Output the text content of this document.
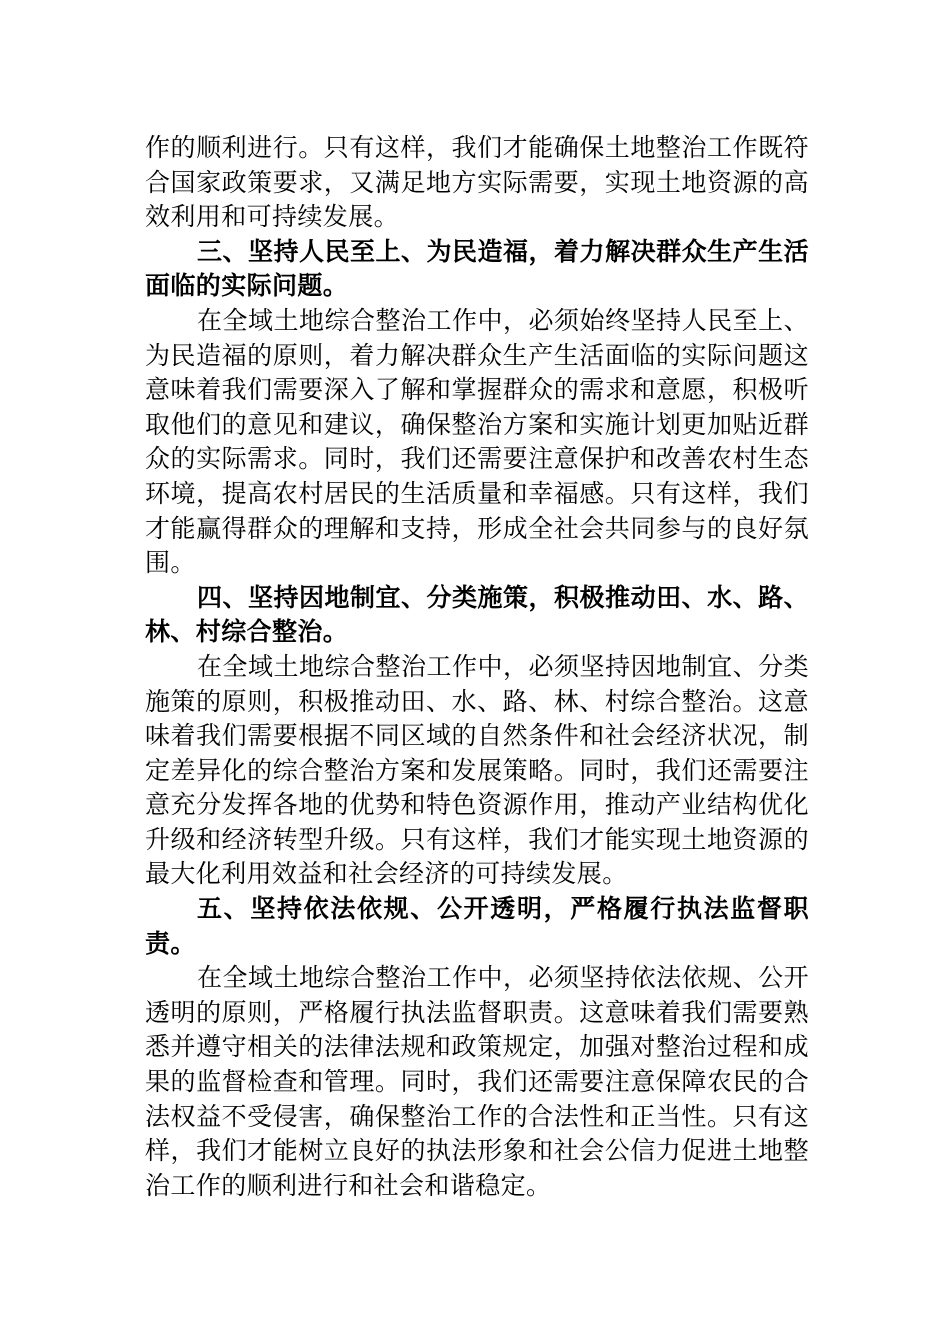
作的顺利进行。只有这样，我们才能确保土地整治工作既符合国家政策要求，又满足地方实际需要，实现土地资源的高效利用和可持续发展。

三、坚持人民至上、为民造福，着力解决群众生产生活面临的实际问题。

在全域土地综合整治工作中，必须始终坚持人民至上、为民造福的原则，着力解决群众生产生活面临的实际问题这意味着我们需要深入了解和掌握群众的需求和意愿，积极听取他们的意见和建议，确保整治方案和实施计划更加贴近群众的实际需求。同时，我们还需要注意保护和改善农村生态环境，提高农村居民的生活质量和幸福感。只有这样，我们才能赢得群众的理解和支持，形成全社会共同参与的良好氛围。

四、坚持因地制宜、分类施策，积极推动田、水、路、林、村综合整治。

在全域土地综合整治工作中，必须坚持因地制宜、分类施策的原则，积极推动田、水、路、林、村综合整治。这意味着我们需要根据不同区域的自然条件和社会经济状况，制定差异化的综合整治方案和发展策略。同时，我们还需要注意充分发挥各地的优势和特色资源作用，推动产业结构优化升级和经济转型升级。只有这样，我们才能实现土地资源的最大化利用效益和社会经济的可持续发展。

五、坚持依法依规、公开透明，严格履行执法监督职责。

在全域土地综合整治工作中，必须坚持依法依规、公开透明的原则，严格履行执法监督职责。这意味着我们需要熟悉并遵守相关的法律法规和政策规定，加强对整治过程和成果的监督检查和管理。同时，我们还需要注意保障农民的合法权益不受侵害，确保整治工作的合法性和正当性。只有这样，我们才能树立良好的执法形象和社会公信力促进土地整治工作的顺利进行和社会和谐稳定。
